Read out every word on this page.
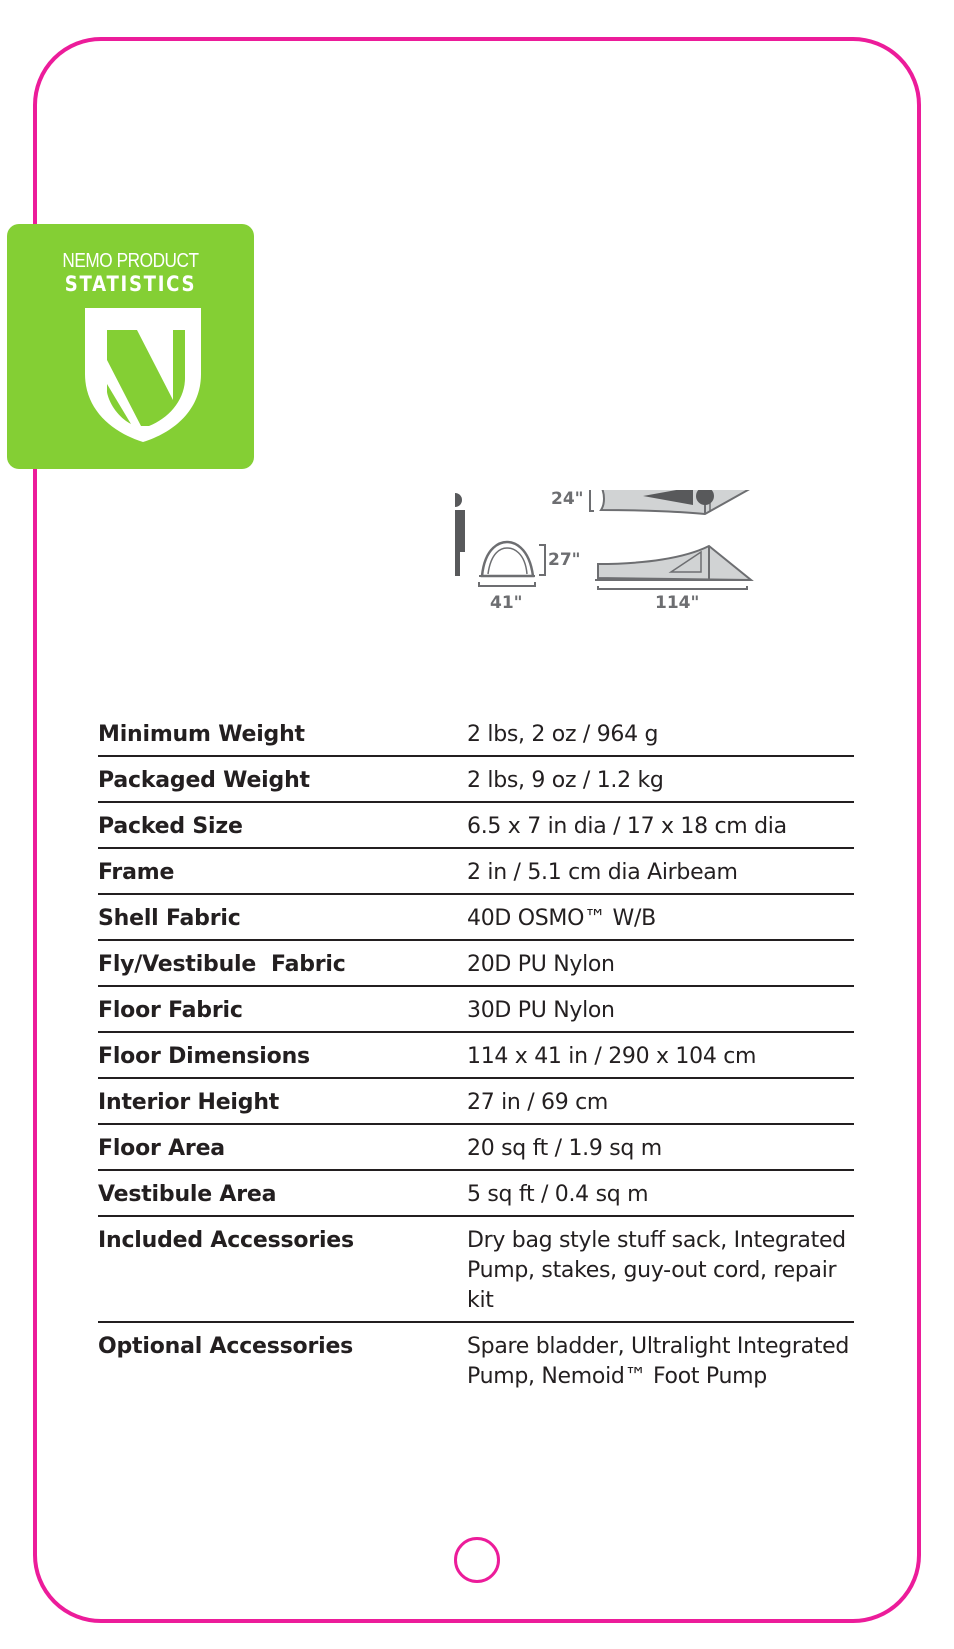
NEMO PRODUCT
STATISTICS
24"
27"
41"	114"
Minimum Weight	2 lbs, 2 oz / 964 g
Packaged Weight	2 lbs, 9 oz / 1.2 kg
Packed Size	6.5 x 7 in dia / 17 x 18 cm dia
Frame	2 in / 5.1 cm dia Airbeam
Shell Fabric	40D OSMO™ W/B
Fly/Vestibule  Fabric	20D PU Nylon
Floor Fabric	30D PU Nylon
Floor Dimensions	114 x 41 in / 290 x 104 cm
Interior Height	27 in / 69 cm
Floor Area	20 sq ft / 1.9 sq m
Vestibule Area	5 sq ft / 0.4 sq m
Included Accessories	Dry bag style stuff sack, Integrated Pump, stakes, guy-out cord, repair kit
Optional Accessories	Spare bladder, Ultralight Integrated Pump, Nemoid™ Foot Pump
